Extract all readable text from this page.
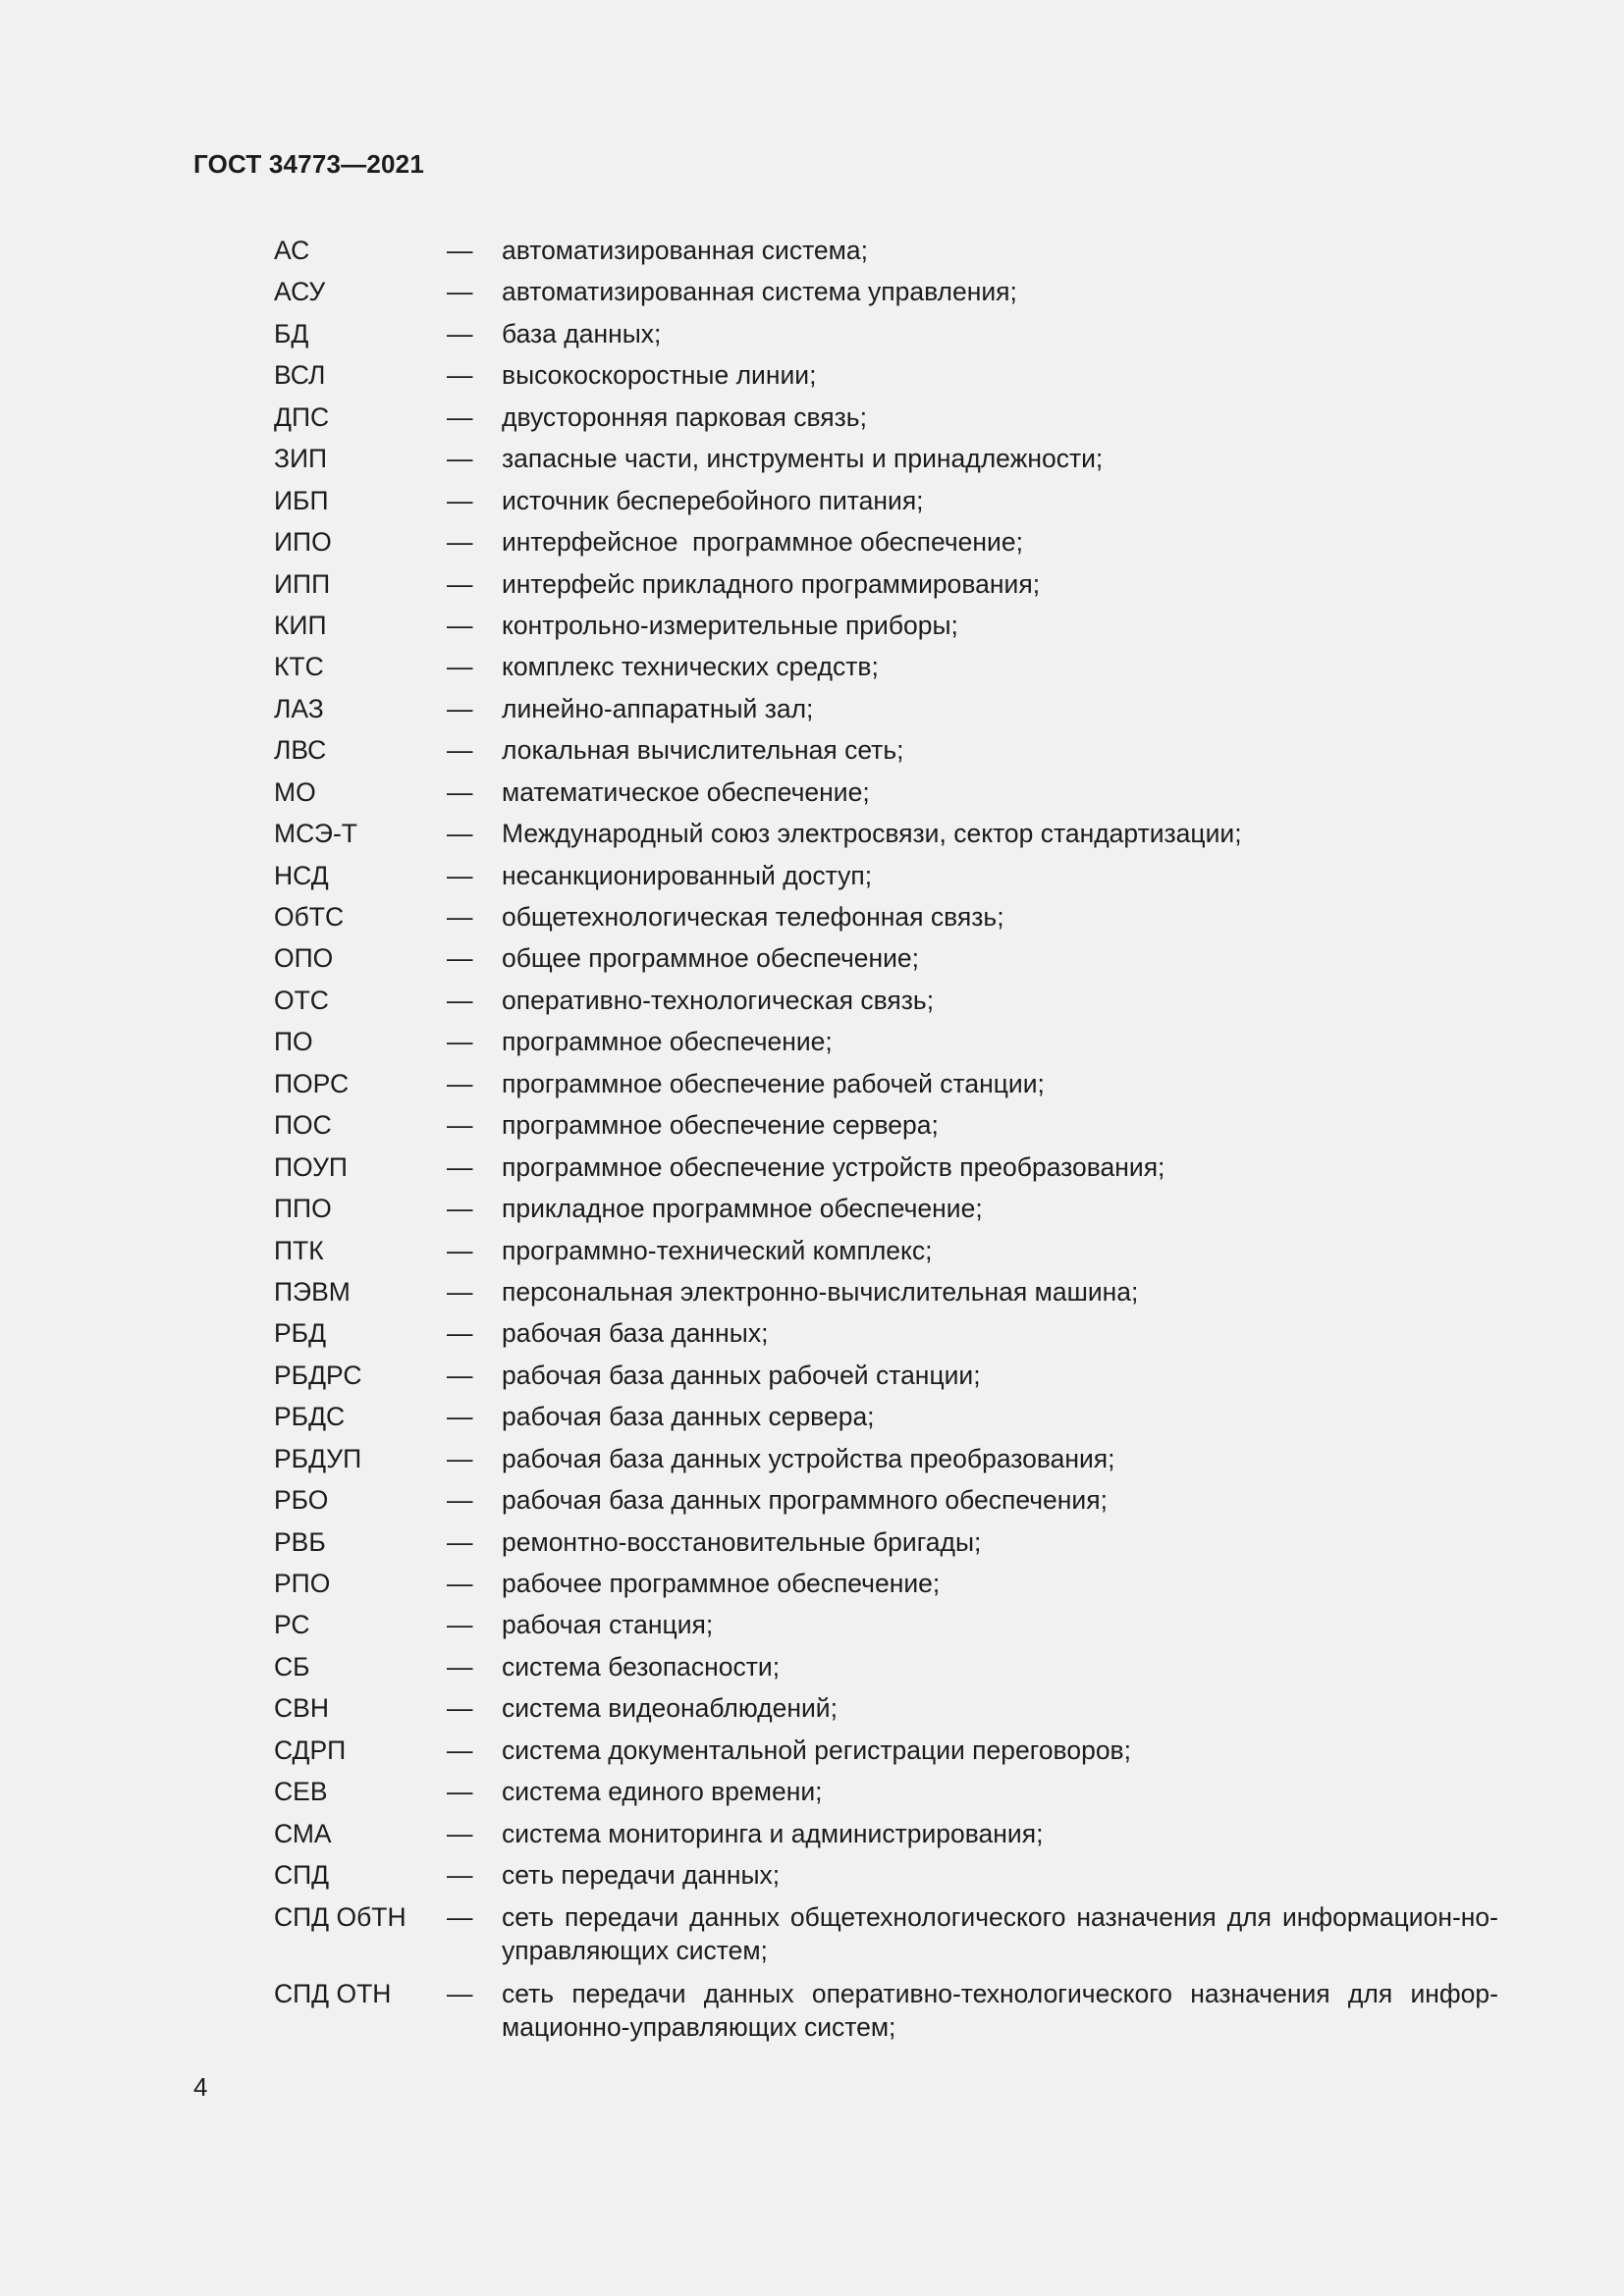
ГОСТ 34773—2021
АС	—	автоматизированная система;
АСУ	—	автоматизированная система управления;
БД	—	база данных;
ВСЛ	—	высокоскоростные линии;
ДПС	—	двусторонняя парковая связь;
ЗИП	—	запасные части, инструменты и принадлежности;
ИБП	—	источник бесперебойного питания;
ИПО	—	интерфейсное  программное обеспечение;
ИПП	—	интерфейс прикладного программирования;
КИП	—	контрольно-измерительные приборы;
КТС	—	комплекс технических средств;
ЛАЗ	—	линейно-аппаратный зал;
ЛВС	—	локальная вычислительная сеть;
МО	—	математическое обеспечение;
МСЭ-Т	—	Международный союз электросвязи, сектор стандартизации;
НСД	—	несанкционированный доступ;
ОбТС	—	общетехнологическая телефонная связь;
ОПО	—	общее программное обеспечение;
ОТС	—	оперативно-технологическая связь;
ПО	—	программное обеспечение;
ПОРС	—	программное обеспечение рабочей станции;
ПОС	—	программное обеспечение сервера;
ПОУП	—	программное обеспечение устройств преобразования;
ППО	—	прикладное программное обеспечение;
ПТК	—	программно-технический комплекс;
ПЭВМ	—	персональная электронно-вычислительная машина;
РБД	—	рабочая база данных;
РБДРС	—	рабочая база данных рабочей станции;
РБДС	—	рабочая база данных сервера;
РБДУП	—	рабочая база данных устройства преобразования;
РБО	—	рабочая база данных программного обеспечения;
РВБ	—	ремонтно-восстановительные бригады;
РПО	—	рабочее программное обеспечение;
РС	—	рабочая станция;
СБ	—	система безопасности;
СВН	—	система видеонаблюдений;
СДРП	—	система документальной регистрации переговоров;
СЕВ	—	система единого времени;
СМА	—	система мониторинга и администрирования;
СПД	—	сеть передачи данных;
СПД ОбТН	—	сеть передачи данных общетехнологического назначения для информацион-но-управляющих систем;
СПД ОТН	—	сеть передачи данных оперативно-технологического назначения для инфор-мационно-управляющих систем;
4
